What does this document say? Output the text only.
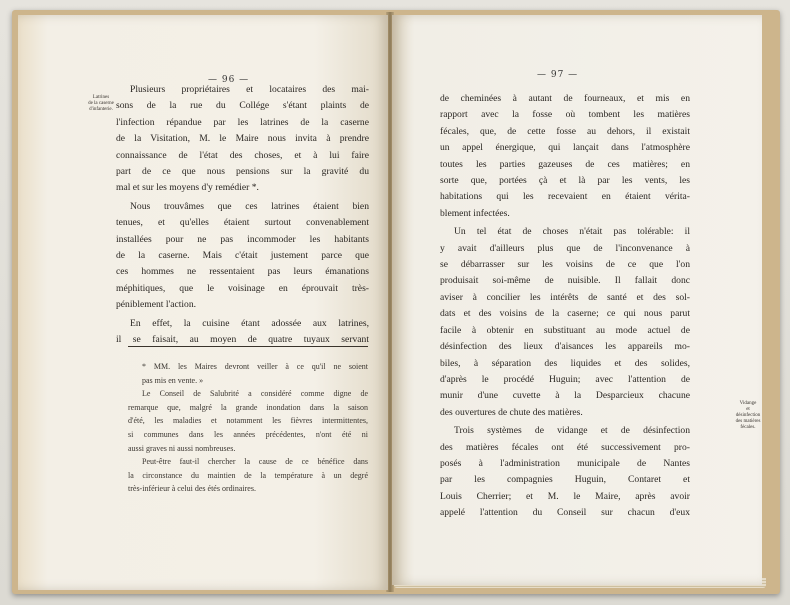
— 96 —
Latrines
de la caserne
d'infanterie.
Plusieurs propriétaires et locataires des mai-
sons de la rue du Collége s'étant plaints de
l'infection répandue par les latrines de la caserne
de la Visitation, M. le Maire nous invita à prendre
connaissance de l'état des choses, et à lui faire
part de ce que nous pensions sur la gravité du
mal et sur les moyens d'y remédier *.
Nous trouvâmes que ces latrines étaient bien
tenues, et qu'elles étaient surtout convenablement
installées pour ne pas incommoder les habitants
de la caserne. Mais c'était justement parce que
ces hommes ne ressentaient pas leurs émanations
méphitiques, que le voisinage en éprouvait très-
péniblement l'action.
En effet, la cuisine étant adossée aux latrines,
il se faisait, au moyen de quatre tuyaux servant
* MM. les Maires devront veiller à ce qu'il ne soient
pas mis en vente. »
Le Conseil de Salubrité a considéré comme digne de
remarque que, malgré la grande inondation dans la saison
d'été, les maladies et notamment les fièvres intermittentes,
si communes dans les années précédentes, n'ont été ni
aussi graves ni aussi nombreuses.
Peut-être faut-il chercher la cause de ce bénéfice dans
la circonstance du maintien de la température à un degré
très-inférieur à celui des étés ordinaires.
— 97 —
de cheminées à autant de fourneaux, et mis en
rapport avec la fosse où tombent les matières
fécales, que, de cette fosse au dehors, il existait
un appel énergique, qui lançait dans l'atmosphère
toutes les parties gazeuses de ces matières; en
sorte que, portées çà et là par les vents, les
habitations qui les recevaient en étaient vérita-
blement infectées.
Un tel état de choses n'était pas tolérable: il
y avait d'ailleurs plus que de l'inconvenance à
se débarrasser sur les voisins de ce que l'on
produisait soi-même de nuisible. Il fallait donc
aviser à concilier les intérêts de santé et des sol-
dats et des voisins de la caserne; ce qui nous parut
facile à obtenir en substituant au mode actuel de
désinfection des lieux d'aisances les appareils mo-
biles, à séparation des liquides et des solides,
d'après le procédé Huguin; avec l'attention de
munir d'une cuvette à la Desparcieux chacune
des ouvertures de chute des matières.
Trois systèmes de vidange et de désinfection
des matières fécales ont été successivement pro-
posés à l'administration municipale de Nantes
par les compagnies Huguin, Contaret et
Louis Cherrier; et M. le Maire, après avoir
appelé l'attention du Conseil sur chacun d'eux
Vidange
et
désinfection
des matières
fécales.
